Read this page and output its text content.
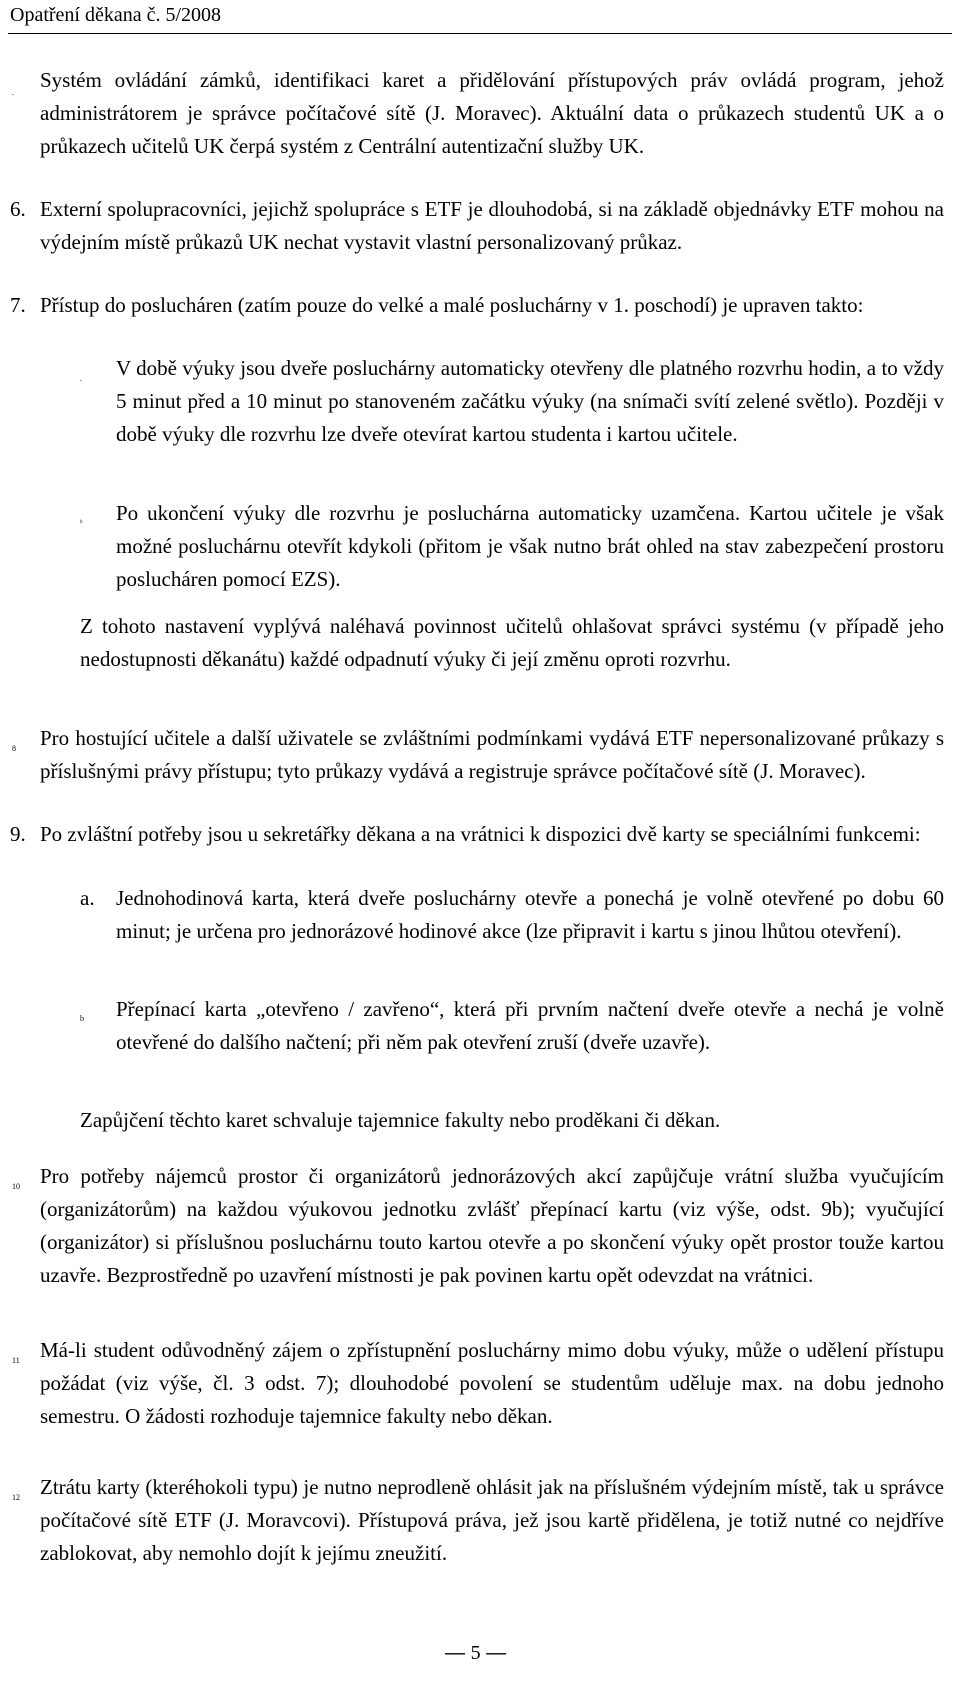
Opatření děkana č. 5/2008
.
Systém ovládání zámků, identifikaci karet a přidělování přístupových práv ovládá program, jehož administrátorem je správce počítačové sítě (J. Moravec). Aktuální data o průkazech studentů UK a o průkazech učitelů UK čerpá systém z Centrální autentizační služby UK.
6. Externí spolupracovníci, jejichž spolupráce s ETF je dlouhodobá, si na základě objednávky ETF mohou na výdejním místě průkazů UK nechat vystavit vlastní personalizovaný průkaz.
7. Přístup do poslucháren (zatím pouze do velké a malé posluchárny v 1. poschodí) je upraven takto:
. V době výuky jsou dveře posluchárny automaticky otevřeny dle platného rozvrhu hodin, a to vždy 5 minut před a 10 minut po stanoveném začátku výuky (na snímači svítí zelené světlo). Později v době výuky dle rozvrhu lze dveře otevírat kartou studenta i kartou učitele.
ᵇ Po ukončení výuky dle rozvrhu je posluchárna automaticky uzamčena. Kartou učitele je však možné posluchárnu otevřít kdykoli (přitom je však nutno brát ohled na stav zabezpečení prostoru poslucháren pomocí EZS).
Z tohoto nastavení vyplývá naléhavá povinnost učitelů ohlašovat správci systému (v případě jeho nedostupnosti děkanátu) každé odpadnutí výuky či její změnu oproti rozvrhu.
8 Pro hostující učitele a další uživatele se zvláštními podmínkami vydává ETF nepersonalizované průkazy s příslušnými právy přístupu; tyto průkazy vydává a registruje správce počítačové sítě (J. Moravec).
9. Po zvláštní potřeby jsou u sekretářky děkana a na vrátnici k dispozici dvě karty se speciálními funkcemi:
a. Jednohodinová karta, která dveře posluchárny otevře a ponechá je volně otevřené po dobu 60 minut; je určena pro jednorázové hodinové akce (lze připravit i kartu s jinou lhůtou otevření).
b Přepínací karta „otevřeno / zavřeno“, která při prvním načtení dveře otevře a nechá je volně otevřené do dalšího načtení; při něm pak otevření zruší (dveře uzavře).
Zapůjčení těchto karet schvaluje tajemnice fakulty nebo proděkani či děkan.
10 Pro potřeby nájemců prostor či organizátorů jednorázových akcí zapůjčuje vrátní služba vyučujícím (organizátorům) na každou výukovou jednotku zvlášť přepínací kartu (viz výše, odst. 9b); vyučující (organizátor) si příslušnou posluchárnu touto kartou otevře a po skončení výuky opět prostor touže kartou uzavře. Bezprostředně po uzavření místnosti je pak povinen kartu opět odevzdat na vrátnici.
11 Má-li student odůvodněný zájem o zpřístupnění posluchárny mimo dobu výuky, může o udělení přístupu požádat (viz výše, čl. 3 odst. 7); dlouhodobé povolení se studentům uděluje max. na dobu jednoho semestru. O žádosti rozhoduje tajemnice fakulty nebo děkan.
12 Ztrátu karty (kteréhokoli typu) je nutno neprodleně ohlásit jak na příslušném výdejním místě, tak u správce počítačové sítě ETF (J. Moravcovi). Přístupová práva, jež jsou kartě přidělena, je totiž nutné co nejdříve zablokovat, aby nemohlo dojít k jejímu zneužití.
— 5 —
